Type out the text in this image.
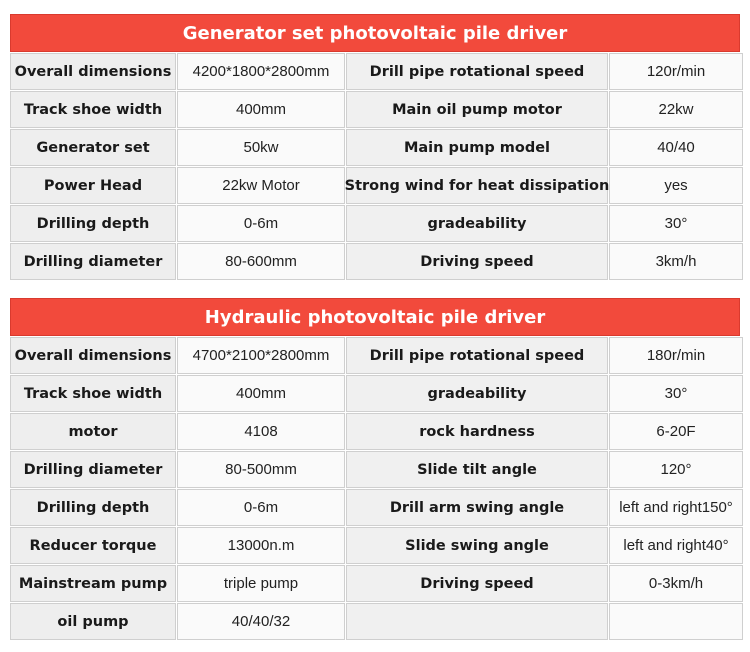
Generator set photovoltaic pile driver
Overall dimensions	4200*1800*2800mm	Drill pipe rotational speed	120r/min
Track shoe width	400mm	Main oil pump motor	22kw
Generator set	50kw	Main pump model	40/40
Power Head	22kw Motor	Strong wind for heat dissipation	yes
Drilling depth	0-6m	gradeability	30°
Drilling diameter	80-600mm	Driving speed	3km/h
Hydraulic photovoltaic pile driver
Overall dimensions	4700*2100*2800mm	Drill pipe rotational speed	180r/min
Track shoe width	400mm	gradeability	30°
motor	4108	rock hardness	6-20F
Drilling diameter	80-500mm	Slide tilt angle	120°
Drilling depth	0-6m	Drill arm swing angle	left and right150°
Reducer torque	13000n.m	Slide swing angle	left and right40°
Mainstream pump	triple pump	Driving speed	0-3km/h
oil pump	40/40/32
